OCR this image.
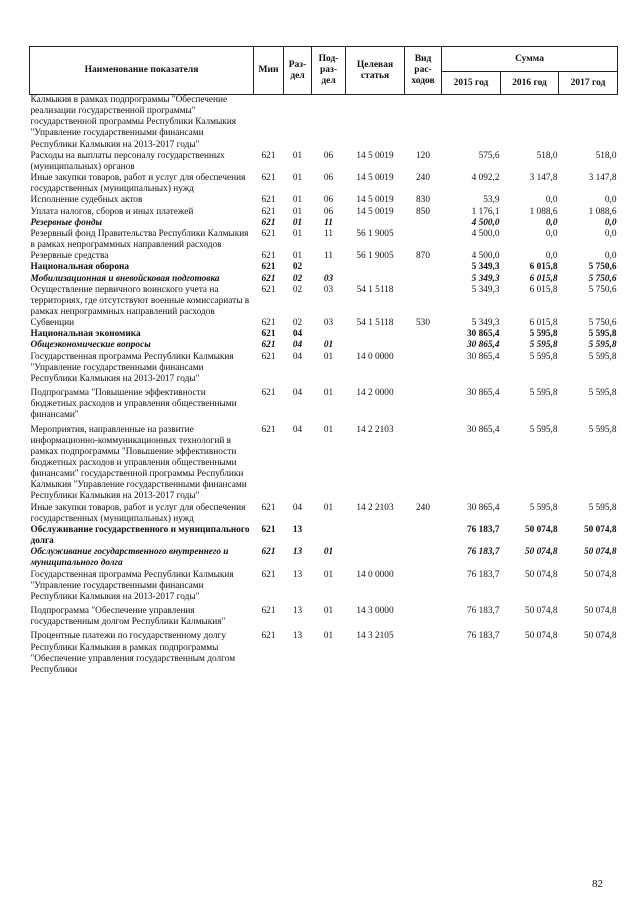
Наименование показателя	Мин	Раз-дел	Под-раз-дел	Целевая статья	Вид рас-ходов	Сумма		
						2015 год	2016 год	2017 год
Калмыкия в рамках подпрограммы "Обеспечение реализации государственной программы" государственной программы Республики Калмыкия "Управление государственными финансами Республики Калмыкия на 2013-2017 годы"								
Расходы на выплаты персоналу государственных (муниципальных) органов	621	01	06	14 5 0019	120	575,6	518,0	518,0
Иные закупки товаров, работ и услуг для обеспечения государственных (муниципальных) нужд	621	01	06	14 5 0019	240	4 092,2	3 147,8	3 147,8
Исполнение судебных актов	621	01	06	14 5 0019	830	53,9	0,0	0,0
Уплата налогов, сборов и иных платежей	621	01	06	14 5 0019	850	1 176,1	1 088,6	1 088,6
Резервные фонды	621	01	11			4 500,0	0,0	0,0
Резервный фонд Правительства Республики Калмыкия в рамках непрограммных направлений расходов	621	01	11	56 1 9005		4 500,0	0,0	0,0
Резервные средства	621	01	11	56 1 9005	870	4 500,0	0,0	0,0
Национальная оборона	621	02				5 349,3	6 015,8	5 750,6
Мобилизационная и вневойсковая подготовка	621	02	03			5 349,3	6 015,8	5 750,6
Осуществление первичного воинского учета на территориях, где отсутствуют военные комиссариаты в рамках непрограммных направлений расходов	621	02	03	54 1 5118		5 349,3	6 015,8	5 750,6
Субвенции	621	02	03	54 1 5118	530	5 349,3	6 015,8	5 750,6
Национальная экономика	621	04				30 865,4	5 595,8	5 595,8
Общеэкономические вопросы	621	04	01			30 865,4	5 595,8	5 595,8
Государственная программа Республики Калмыкия "Управление государственными финансами Республики Калмыкия на 2013-2017 годы"	621	04	01	14 0 0000		30 865,4	5 595,8	5 595,8
Подпрограмма "Повышение эффективности бюджетных расходов и управления общественными финансами"	621	04	01	14 2 0000		30 865,4	5 595,8	5 595,8
Мероприятия, направленные на развитие информационно-коммуникационных технологий в рамках подпрограммы "Повышение эффективности бюджетных расходов и управления общественными финансами" государственной программы Республики Калмыкия "Управление государственными финансами Республики Калмыкия на 2013-2017 годы"	621	04	01	14 2 2103		30 865,4	5 595,8	5 595,8
Иные закупки товаров, работ и услуг для обеспечения государственных (муниципальных) нужд	621	04	01	14 2 2103	240	30 865,4	5 595,8	5 595,8
Обслуживание государственного и муниципального долга	621	13				76 183,7	50 074,8	50 074,8
Обслуживание государственного внутреннего и муниципального долга	621	13	01			76 183,7	50 074,8	50 074,8
Государственная программа Республики Калмыкия "Управление государственными финансами Республики Калмыкия на 2013-2017 годы"	621	13	01	14 0 0000		76 183,7	50 074,8	50 074,8
Подпрограмма "Обеспечение управления государственным долгом Республики Калмыкия"	621	13	01	14 3 0000		76 183,7	50 074,8	50 074,8
Процентные платежи по государственному долгу Республики Калмыкия в рамках подпрограммы "Обеспечение управления государственным долгом Республики	621	13	01	14 3 2105		76 183,7	50 074,8	50 074,8
82
